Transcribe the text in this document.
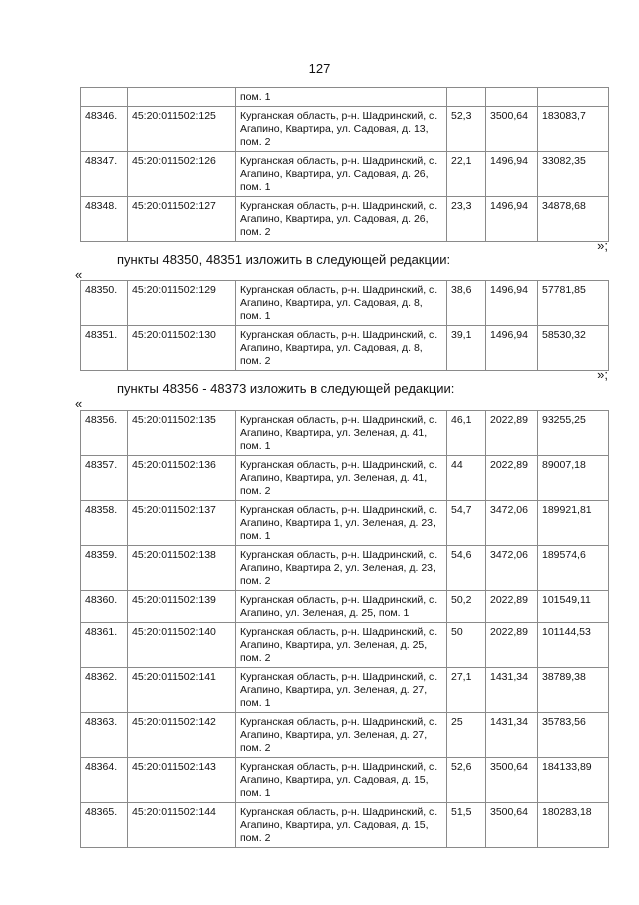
127
		пом. 1			
48346.	45:20:011502:125	Курганская область, р-н. Шадринский, с. Агапино, Квартира, ул. Садовая, д. 13, пом. 2	52,3	3500,64	183083,7
48347.	45:20:011502:126	Курганская область, р-н. Шадринский, с. Агапино, Квартира, ул. Садовая, д. 26, пом. 1	22,1	1496,94	33082,35
48348.	45:20:011502:127	Курганская область, р-н. Шадринский, с. Агапино, Квартира, ул. Садовая, д. 26, пом. 2	23,3	1496,94	34878,68
»;
пункты 48350, 48351 изложить в следующей редакции:
«
48350.	45:20:011502:129	Курганская область, р-н. Шадринский, с. Агапино, Квартира, ул. Садовая, д. 8, пом. 1	38,6	1496,94	57781,85
48351.	45:20:011502:130	Курганская область, р-н. Шадринский, с. Агапино, Квартира, ул. Садовая, д. 8, пом. 2	39,1	1496,94	58530,32
»;
пункты 48356 - 48373 изложить в следующей редакции:
«
48356.	45:20:011502:135	Курганская область, р-н. Шадринский, с. Агапино, Квартира, ул. Зеленая, д. 41, пом. 1	46,1	2022,89	93255,25
48357.	45:20:011502:136	Курганская область, р-н. Шадринский, с. Агапино, Квартира, ул. Зеленая, д. 41, пом. 2	44	2022,89	89007,18
48358.	45:20:011502:137	Курганская область, р-н. Шадринский, с. Агапино, Квартира 1, ул. Зеленая, д. 23, пом. 1	54,7	3472,06	189921,81
48359.	45:20:011502:138	Курганская область, р-н. Шадринский, с. Агапино, Квартира 2, ул. Зеленая, д. 23, пом. 2	54,6	3472,06	189574,6
48360.	45:20:011502:139	Курганская область, р-н. Шадринский, с. Агапино, ул. Зеленая, д. 25, пом. 1	50,2	2022,89	101549,11
48361.	45:20:011502:140	Курганская область, р-н. Шадринский, с. Агапино, Квартира, ул. Зеленая, д. 25, пом. 2	50	2022,89	101144,53
48362.	45:20:011502:141	Курганская область, р-н. Шадринский, с. Агапино, Квартира, ул. Зеленая, д. 27, пом. 1	27,1	1431,34	38789,38
48363.	45:20:011502:142	Курганская область, р-н. Шадринский, с. Агапино, Квартира, ул. Зеленая, д. 27, пом. 2	25	1431,34	35783,56
48364.	45:20:011502:143	Курганская область, р-н. Шадринский, с. Агапино, Квартира, ул. Садовая, д. 15, пом. 1	52,6	3500,64	184133,89
48365.	45:20:011502:144	Курганская область, р-н. Шадринский, с. Агапино, Квартира, ул. Садовая, д. 15, пом. 2	51,5	3500,64	180283,18
